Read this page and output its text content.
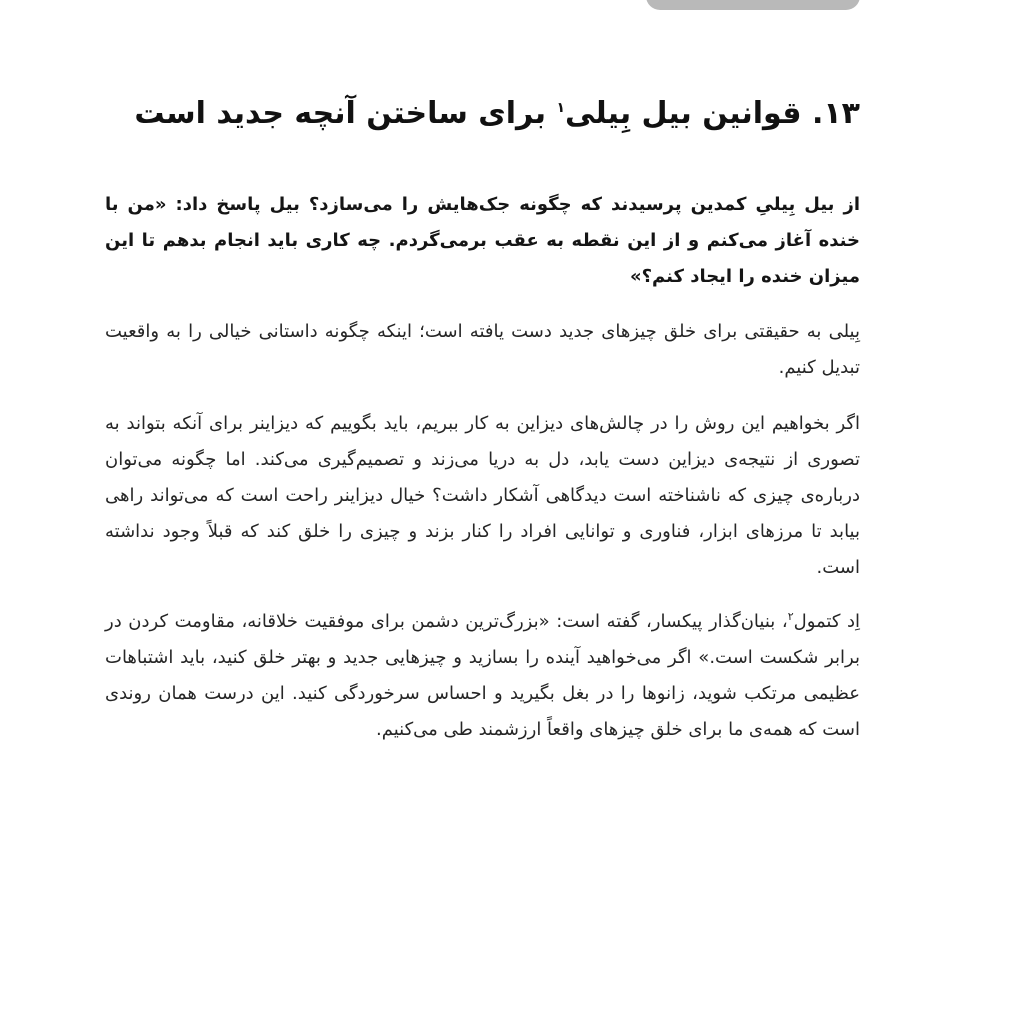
۱۳. قوانین بیل بِیلی$^۱$ برای ساختن آنچه جدید است

از بیل بِیلیِ کمدین پرسیدند که چگونه جک‌هایش را می‌سازد؟ بیل پاسخ داد: «من با خنده آغاز می‌کنم و از این نقطه به عقب برمی‌گردم. چه کاری باید انجام بدهم تا این میزان خنده را ایجاد کنم؟»

بِیلی به حقیقتی برای خلق چیزهای جدید دست یافته است؛ اینکه چگونه داستانی خیالی را به واقعیت تبدیل کنیم.

اگر بخواهیم این روش را در چالش‌های دیزاین به کار ببریم، باید بگوییم که دیزاینر برای آنکه بتواند به تصوری از نتیجه‌ی دیزاین دست یابد، دل به دریا می‌زند و تصمیم‌گیری می‌کند. اما چگونه می‌توان درباره‌ی چیزی که ناشناخته است دیدگاهی آشکار داشت؟ خیال دیزاینر راحت است که می‌تواند راهی بیابد تا مرزهای ابزار، فناوری و توانایی افراد را کنار بزند و چیزی را خلق کند که قبلاً وجود نداشته است.

اِد کتمول$^۲$، بنیان‌گذار پیکسار، گفته است: «بزرگ‌ترین دشمن برای موفقیت خلاقانه، مقاومت کردن در برابر شکست است.» اگر می‌خواهید آینده را بسازید و چیزهایی جدید و بهتر خلق کنید، باید اشتباهات عظیمی مرتکب شوید، زانوها را در بغل بگیرید و احساس سرخوردگی کنید. این درست همان روندی است که همه‌ی ما برای خلق چیزهای واقعاً ارزشمند طی می‌کنیم.
